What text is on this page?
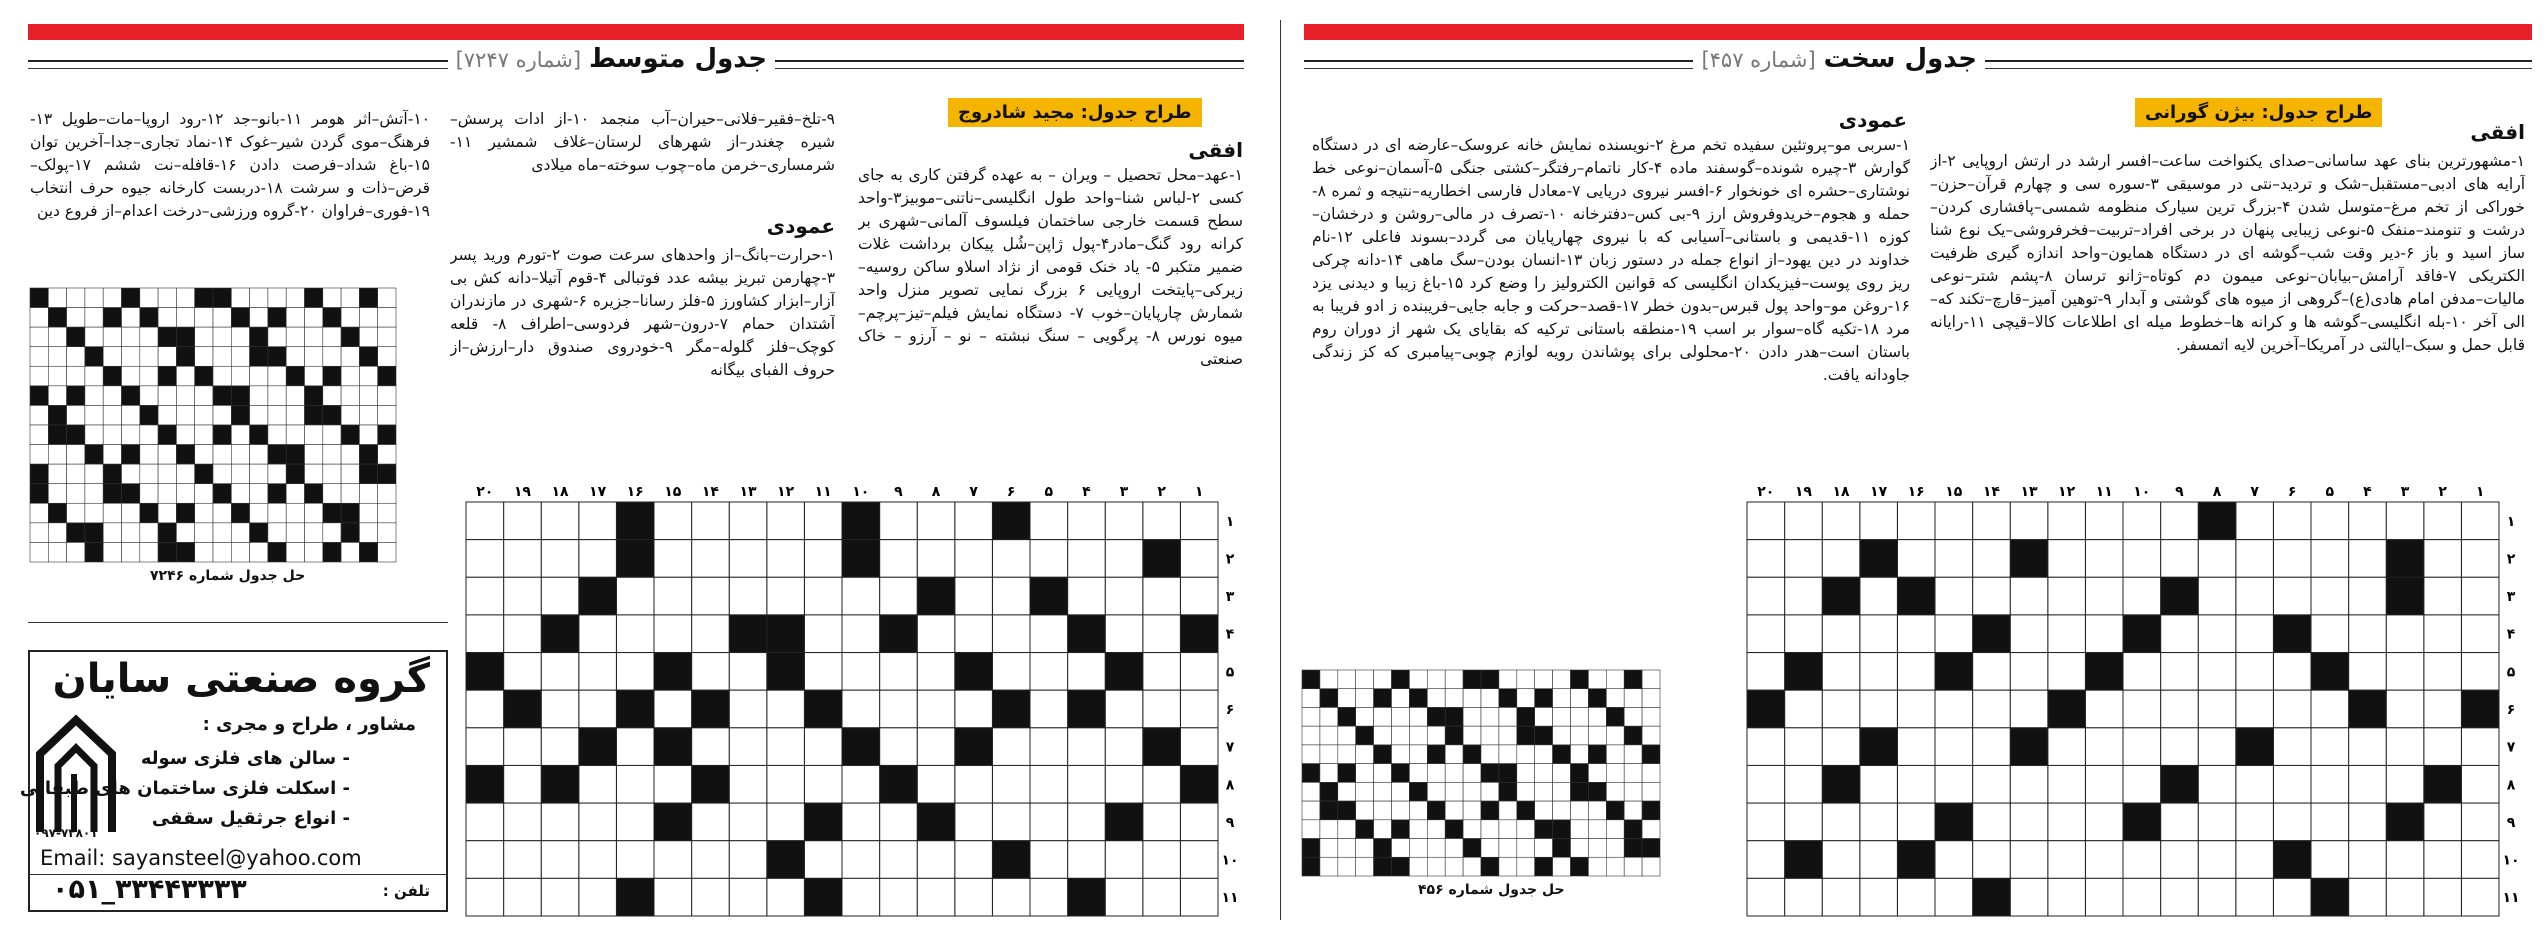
جدول سخت[شماره ۴۵۷]
طراح جدول: بیژن گورانی
افقی
۱-مشهورترین بنای عهد ساسانی–صدای یکنواخت ساعت–افسر ارشد در ارتش اروپایی ۲-از آرایه های ادبی–مستقبل–شک و تردید–نتی در موسیقی ۳-سوره سی و چهارم قرآن–حزن–خوراکی از تخم مرغ–متوسل شدن ۴-بزرگ ترین سیارک منظومه شمسی–پافشاری کردن–درشت و تنومند–منفک ۵-نوعی زیبایی پنهان در برخی افراد–تربیت–فخرفروشی–یک نوع شنا ساز اسید و باز ۶-دیر وقت شب–گوشه ای در دستگاه همایون–واحد اندازه گیری ظرفیت الکتریکی ۷-فاقد آرامش–بیابان–نوعی میمون دم کوتاه–ژانو ترسان ۸-پشم شتر–نوعی مالیات–مدفن امام هادی(ع)–گروهی از میوه های گوشتی و آبدار ۹-توهین آمیز–قارچ–تکند که–الی آخر ۱۰-بله انگلیسی–گوشه ها و کرانه ها–خطوط میله ای اطلاعات کالا–قیچی ۱۱-رایانه قابل حمل و سبک–ایالتی در آمریکا–آخرین لایه اتمسفر.
عمودی
۱-سربی مو–پروتئین سفیده تخم مرغ ۲-نویسنده نمایش خانه عروسک–عارضه ای در دستگاه گوارش ۳-چیره شونده–گوسفند ماده ۴-کار ناتمام–رفتگر–کشتی جنگی ۵-آسمان–نوعی خط نوشتاری–حشره ای خونخوار ۶-افسر نیروی دریایی ۷-معادل فارسی اخطاریه–نتیجه و ثمره ۸-حمله و هجوم–خریدوفروش ارز ۹-بی کس–دفترخانه ۱۰-تصرف در مالی–روشن و درخشان–کوزه ۱۱-قدیمی و باستانی–آسیابی که با نیروی چهارپایان می گردد–بسوند فاعلی ۱۲-نام خداوند در دین یهود–از انواع جمله در دستور زبان ۱۳-انسان بودن–سگ ماهی ۱۴-دانه چرکی ریز روی پوست–فیزیکدان انگلیسی که قوانین الکترولیز را وضع کرد ۱۵-باغ زیبا و دیدنی یزد ۱۶-روغن مو–واحد پول قبرس–بدون خطر ۱۷-قصد–حرکت و جابه جایی–فریبنده ز ادو فریبا به مرد ۱۸-تکیه گاه–سوار بر اسب ۱۹-منطقه باستانی ترکیه که بقایای یک شهر از دوران روم باستان است–هدر دادن ۲۰-محلولی برای پوشاندن رویه لوازم چوبی–پیامبری که کز زندگی جاودانه یافت.
۱
۲
۳
۴
۵
۶
۷
۸
۹
۱۰
۱۱
۱۲
۱۳
۱۴
۱۵
۱۶
۱۷
۱۸
۱۹
۲۰
۱
۲
۳
۴
۵
۶
۷
۸
۹
۱۰
۱۱
حل جدول شماره ۴۵۶
جدول متوسط[شماره ۷۲۴۷]
طراح جدول: مجید شادروج
افقی
۱-عهد–محل تحصیل – ویران – به عهده گرفتن کاری به جای کسی ۲-لباس شنا–واحد طول انگلیسی–ناتنی–موبیز۳-واحد سطح قسمت خارجی ساختمان فیلسوف آلمانی–شهری بر کرانه رود گنگ–مادر۴-پول ژاپن–شُل پیکان برداشت غلات ضمیر متکبر ۵- یاد خنک قومی از نژاد اسلاو ساکن روسیه–زیرکی–پایتخت اروپایی ۶ بزرگ نمایی تصویر منزل واحد شمارش چارپایان–خوب ۷- دستگاه نمایش فیلم–تیز–پرچم–میوه نورس ۸- پرگویی – سنگ نبشته – نو – آرزو – خاک صنعتی
۹-تلخ–فقیر–فلانی–حیران–آب منجمد ۱۰-از ادات پرسش–شیره چغندر–از شهرهای لرستان–غلاف شمشیر ۱۱-شرمساری–خرمن ماه–چوب سوخته–ماه میلادی
عمودی
۱-حرارت–بانگ–از واحدهای سرعت صوت ۲-تورم ورید پسر ۳-چهارمن تبریز بیشه عدد فوتبالی ۴-قوم آتیلا–دانه کش بی آزار–ابزار کشاورز ۵-فلز رسانا–جزیره ۶-شهری در مازندران آشتدان حمام ۷-درون–شهر فردوسی–اطراف ۸- قلعه کوچک–فلز گلوله–مگر ۹-خودروی صندوق دار–ارزش–از حروف الفبای بیگانه
۱۰-آتش–اثر هومر ۱۱-بانو–جد ۱۲-رود اروپا–مات–طویل ۱۳-فرهنگ–موی گردن شیر–غوک ۱۴-نماد تجاری–جدا–آخرین توان ۱۵-باغ شداد–فرصت دادن ۱۶-قافله–نت ششم ۱۷-پولک–قرض–ذات و سرشت ۱۸-دربست کارخانه جیوه حرف انتخاب ۱۹-فوری–فراوان ۲۰-گروه ورزشی–درخت اعدام–از فروع دین
۱
۲
۳
۴
۵
۶
۷
۸
۹
۱۰
۱۱
۱۲
۱۳
۱۴
۱۵
۱۶
۱۷
۱۸
۱۹
۲۰
۱
۲
۳
۴
۵
۶
۷
۸
۹
۱۰
۱۱
حل جدول شماره ۷۲۴۶
گروه صنعتی سایان
مشاور ، طراح و مجری :
- سالن های فلزی سوله
- اسکلت فلزی ساختمان های طبقاتی
- انواع جرثقیل سقفی
۰۹۷-۷۲۸۰۱
Email: sayansteel@yahoo.com
۰۵۱_۳۳۴۴۳۳۳۳	تلفن :
